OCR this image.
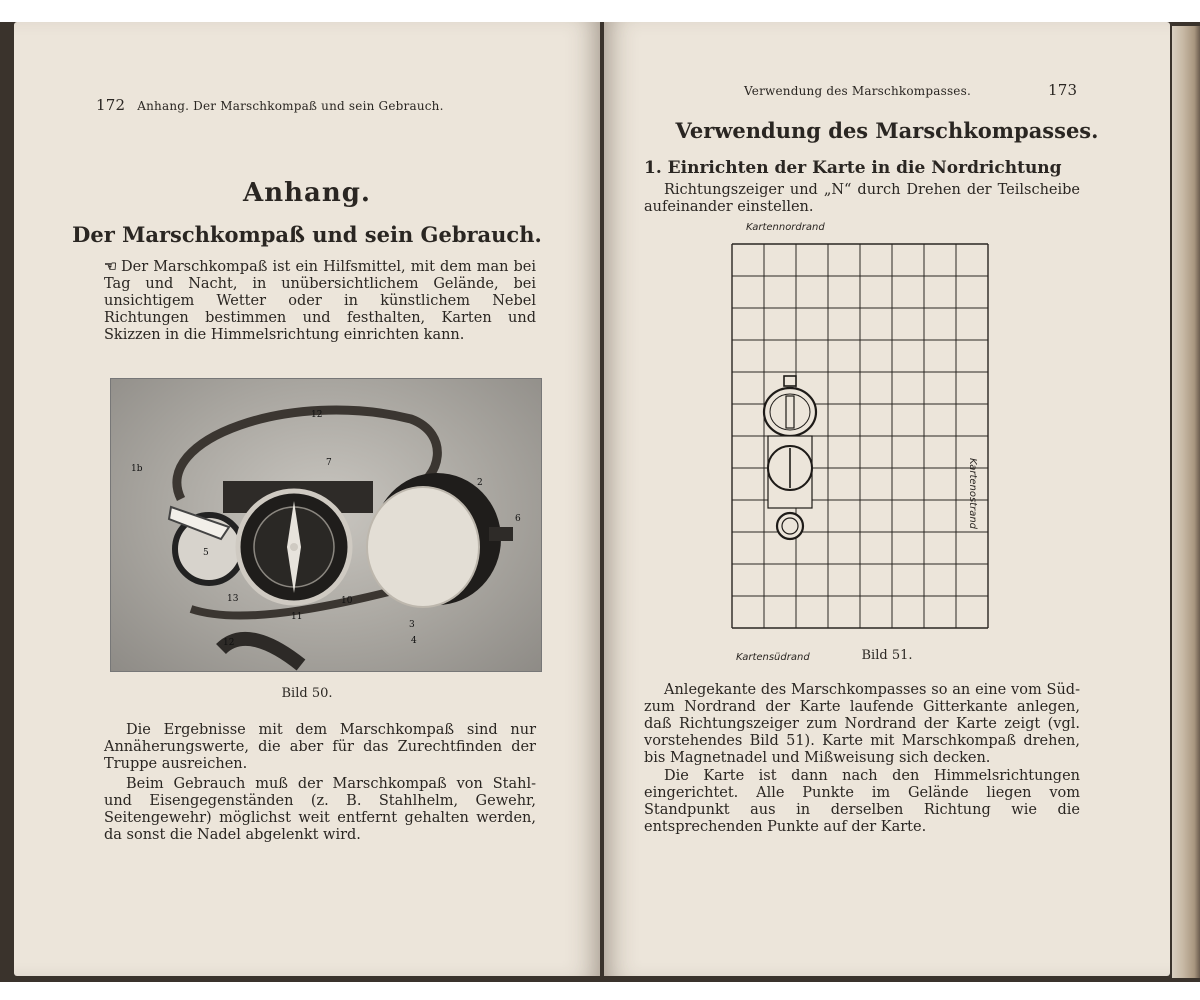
172 Anhang. Der Marschkompaß und sein Gebrauch.
Anhang.
Der Marschkompaß und sein Gebrauch.
☜ Der Marschkompaß ist ein Hilfsmittel, mit dem man bei Tag und Nacht, in unübersichtlichem Gelände, bei unsichtigem Wetter oder in künstlichem Nebel Richtungen bestimmen und festhalten, Karten und Skizzen in die Himmelsrichtung einrichten kann.
12
1b
7
2
6
5
13	10
11
3
4
12
Bild 50.
Die Ergebnisse mit dem Marschkompaß sind nur Annäherungswerte, die aber für das Zurechtfinden der Truppe ausreichen.
Beim Gebrauch muß der Marschkompaß von Stahl- und Eisengegenständen (z. B. Stahlhelm, Gewehr, Seitengewehr) möglichst weit entfernt gehalten werden, da sonst die Nadel abgelenkt wird.
Verwendung des Marschkompasses.	173
Verwendung des Marschkompasses.
1. Einrichten der Karte in die Nordrichtung
Richtungszeiger und „N“ durch Drehen der Teilscheibe aufeinander einstellen.
Kartennordrand
Kartensüdrand
Kartenostrand
Bild 51.
Anlegekante des Marschkompasses so an eine vom Süd- zum Nordrand der Karte laufende Gitterkante anlegen, daß Richtungszeiger zum Nordrand der Karte zeigt (vgl. vorstehendes Bild 51). Karte mit Marschkompaß drehen, bis Magnetnadel und Mißweisung sich decken.
Die Karte ist dann nach den Himmelsrichtungen eingerichtet. Alle Punkte im Gelände liegen vom Standpunkt aus in derselben Richtung wie die entsprechenden Punkte auf der Karte.
